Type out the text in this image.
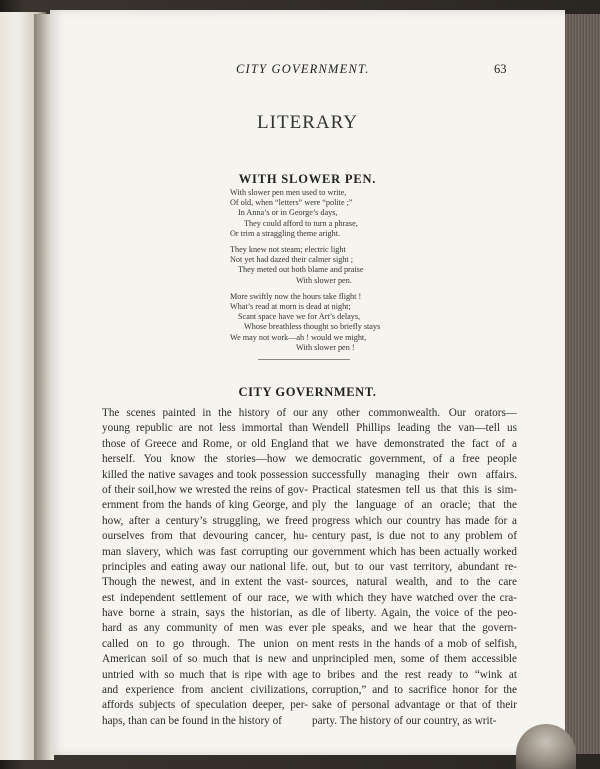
CITY GOVERNMENT.	63
LITERARY
WITH SLOWER PEN.
With slower pen men used to write,
Of old, when “letters” were “polite ;”
In Anna’s or in George’s days,
They could afford to turn a phrase,
Or trim a straggling theme aright.
They knew not steam; electric light
Not yet had dazed their calmer sight ;
They meted out both blame and praise
With slower pen.
More swiftly now the hours take flight !
What’s read at morn is dead at night;
Scant space have we for Art’s delays,
Whose breathless thought so briefly stays
We may not work—ah ! would we might,
With slower pen !
CITY GOVERNMENT.
The scenes painted in the history of our
young republic are not less immortal than
those of Greece and Rome, or old England
herself. You know the stories—how we
killed the native savages and took possession
of their soil,how we wrested the reins of gov-
ernment from the hands of king George, and
how, after a century’s struggling, we freed
ourselves from that devouring cancer, hu-
man slavery, which was fast corrupting our
principles and eating away our national life.
Though the newest, and in extent the vast-
est independent settlement of our race, we
have borne a strain, says the historian, as
hard as any community of men was ever
called on to go through. The union on
American soil of so much that is new and
untried with so much that is ripe with age
and experience from ancient civilizations,
affords subjects of speculation deeper, per-
haps, than can be found in the history of
any other commonwealth. Our orators—
Wendell Phillips leading the van—tell us
that we have demonstrated the fact of a
democratic government, of a free people
successfully managing their own affairs.
Practical statesmen tell us that this is sim-
ply the language of an oracle; that the
progress which our country has made for a
century past, is due not to any problem of
government which has been actually worked
out, but to our vast territory, abundant re-
sources, natural wealth, and to the care
with which they have watched over the cra-
dle of liberty. Again, the voice of the peo-
ple speaks, and we hear that the govern-
ment rests in the hands of a mob of selfish,
unprincipled men, some of them accessible
to bribes and the rest ready to “wink at
corruption,” and to sacrifice honor for the
sake of personal advantage or that of their
party. The history of our country, as writ-
